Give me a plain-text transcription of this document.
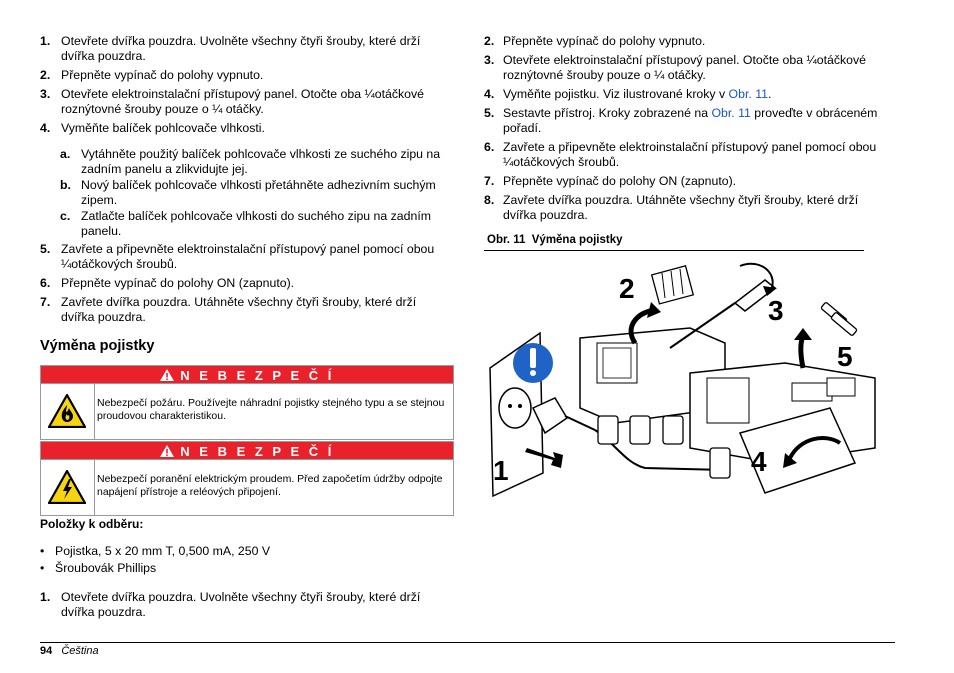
1. Otevřete dvířka pouzdra. Uvolněte všechny čtyři šrouby, které drží dvířka pouzdra.
2. Přepněte vypínač do polohy vypnuto.
3. Otevřete elektroinstalační přístupový panel. Otočte oba ¼otáčkové roznýtovné šrouby pouze o ¼ otáčky.
4. Vyměňte balíček pohlcovače vlhkosti.
a. Vytáhněte použitý balíček pohlcovače vlhkosti ze suchého zipu na zadním panelu a zlikvidujte jej.
b. Nový balíček pohlcovače vlhkosti přetáhněte adhezivním suchým zipem.
c. Zatlačte balíček pohlcovače vlhkosti do suchého zipu na zadním panelu.
5. Zavřete a připevněte elektroinstalační přístupový panel pomocí obou ¼otáčkových šroubů.
6. Přepněte vypínač do polohy ON (zapnuto).
7. Zavřete dvířka pouzdra. Utáhněte všechny čtyři šrouby, které drží dvířka pouzdra.
Výměna pojistky
N E B E Z P E Č Í
Nebezpečí požáru. Používejte náhradní pojistky stejného typu a se stejnou proudovou charakteristikou.
N E B E Z P E Č Í
Nebezpečí poranění elektrickým proudem. Před započetím údržby odpojte napájení přístroje a reléových připojení.
Položky k odběru:
• Pojistka, 5 x 20 mm T, 0,500 mA, 250 V
• Šroubovák Phillips
1. Otevřete dvířka pouzdra. Uvolněte všechny čtyři šrouby, které drží dvířka pouzdra.
2. Přepněte vypínač do polohy vypnuto.
3. Otevřete elektroinstalační přístupový panel. Otočte oba ¼otáčkové roznýtovné šrouby pouze o ¼ otáčky.
4. Vyměňte pojistku. Viz ilustrované kroky v Obr. 11.
5. Sestavte přístroj. Kroky zobrazené na Obr. 11 proveďte v obráceném pořadí.
6. Zavřete a připevněte elektroinstalační přístupový panel pomocí obou ¼otáčkových šroubů.
7. Přepněte vypínač do polohy ON (zapnuto).
8. Zavřete dvířka pouzdra. Utáhněte všechny čtyři šrouby, které drží dvířka pouzdra.
Obr. 11  Výměna pojistky
1
2
3
4
5
94 Čeština
